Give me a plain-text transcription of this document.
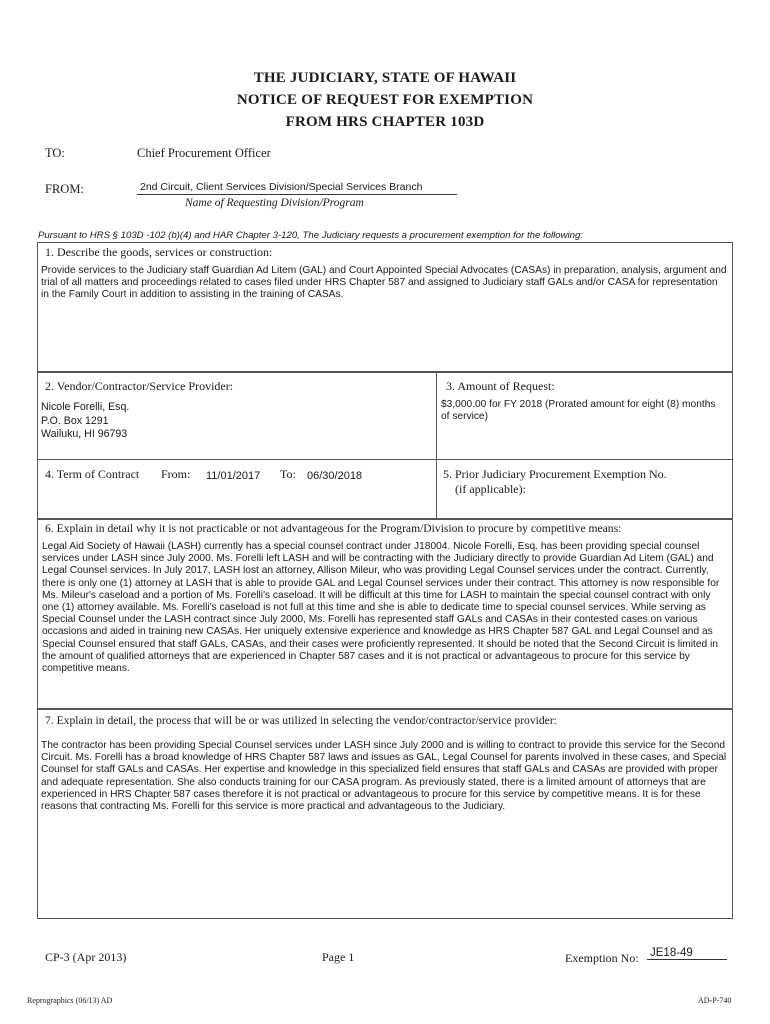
THE JUDICIARY, STATE OF HAWAII
NOTICE OF REQUEST FOR EXEMPTION
FROM HRS CHAPTER 103D
TO:	Chief Procurement Officer
FROM:	2nd Circuit, Client Services Division/Special Services Branch
Name of Requesting Division/Program
Pursuant to HRS § 103D -102 (b)(4) and HAR Chapter 3-120, The Judiciary requests a procurement exemption for the following:
1. Describe the goods, services or construction:
Provide services to the Judiciary staff Guardian Ad Litem (GAL) and Court Appointed Special Advocates (CASAs) in preparation, analysis, argument and trial of all matters and proceedings related to cases filed under HRS Chapter 587 and assigned to Judiciary staff GALs and/or CASA for representation in the Family Court in addition to assisting in the training of CASAs.
2. Vendor/Contractor/Service Provider:
Nicole Forelli, Esq.
P.O. Box 1291
Wailuku, HI 96793
3. Amount of Request:
$3,000.00 for FY 2018 (Prorated amount for eight (8) months of service)
4. Term of Contract From: 11/01/2017 To: 06/30/2018	5. Prior Judiciary Procurement Exemption No.
(if applicable):
6. Explain in detail why it is not practicable or not advantageous for the Program/Division to procure by competitive means:
Legal Aid Society of Hawaii (LASH) currently has a special counsel contract under J18004. Nicole Forelli, Esq. has been providing special counsel services under LASH since July 2000. Ms. Forelli left LASH and will be contracting with the Judiciary directly to provide Guardian Ad Litem (GAL) and Legal Counsel services. In July 2017, LASH lost an attorney, Allison Mileur, who was providing Legal Counsel services under the contract. Currently, there is only one (1) attorney at LASH that is able to provide GAL and Legal Counsel services under their contract. This attorney is now responsible for Ms. Mileur's caseload and a portion of Ms. Forelli's caseload. It will be difficult at this time for LASH to maintain the special counsel contract with only one (1) attorney available. Ms. Forelli's caseload is not full at this time and she is able to dedicate time to special counsel services. While serving as Special Counsel under the LASH contract since July 2000, Ms. Forelli has represented staff GALs and CASAs in their contested cases on various occasions and aided in training new CASAs. Her uniquely extensive experience and knowledge as HRS Chapter 587 GAL and Legal Counsel and as Special Counsel ensured that staff GALs, CASAs, and their cases were proficiently represented. It should be noted that the Second Circuit is limited in the amount of qualified attorneys that are experienced in Chapter 587 cases and it is not practical or advantageous to procure for this service by competitive means.
7. Explain in detail, the process that will be or was utilized in selecting the vendor/contractor/service provider:
The contractor has been providing Special Counsel services under LASH since July 2000 and is willing to contract to provide this service for the Second Circuit. Ms. Forelli has a broad knowledge of HRS Chapter 587 laws and issues as GAL, Legal Counsel for parents involved in these cases, and Special Counsel for staff GALs and CASAs. Her expertise and knowledge in this specialized field ensures that staff GALs and CASAs are provided with proper and adequate representation. She also conducts training for our CASA program. As previously stated, there is a limited amount of attorneys that are experienced in HRS Chapter 587 cases therefore it is not practical or advantageous to procure for this service by competitive means. It is for these reasons that contracting Ms. Forelli for this service is more practical and advantageous to the Judiciary.
CP-3 (Apr 2013)	Page 1	Exemption No: JE18-49
Reprographics (06/13) AD	AD-P-740
